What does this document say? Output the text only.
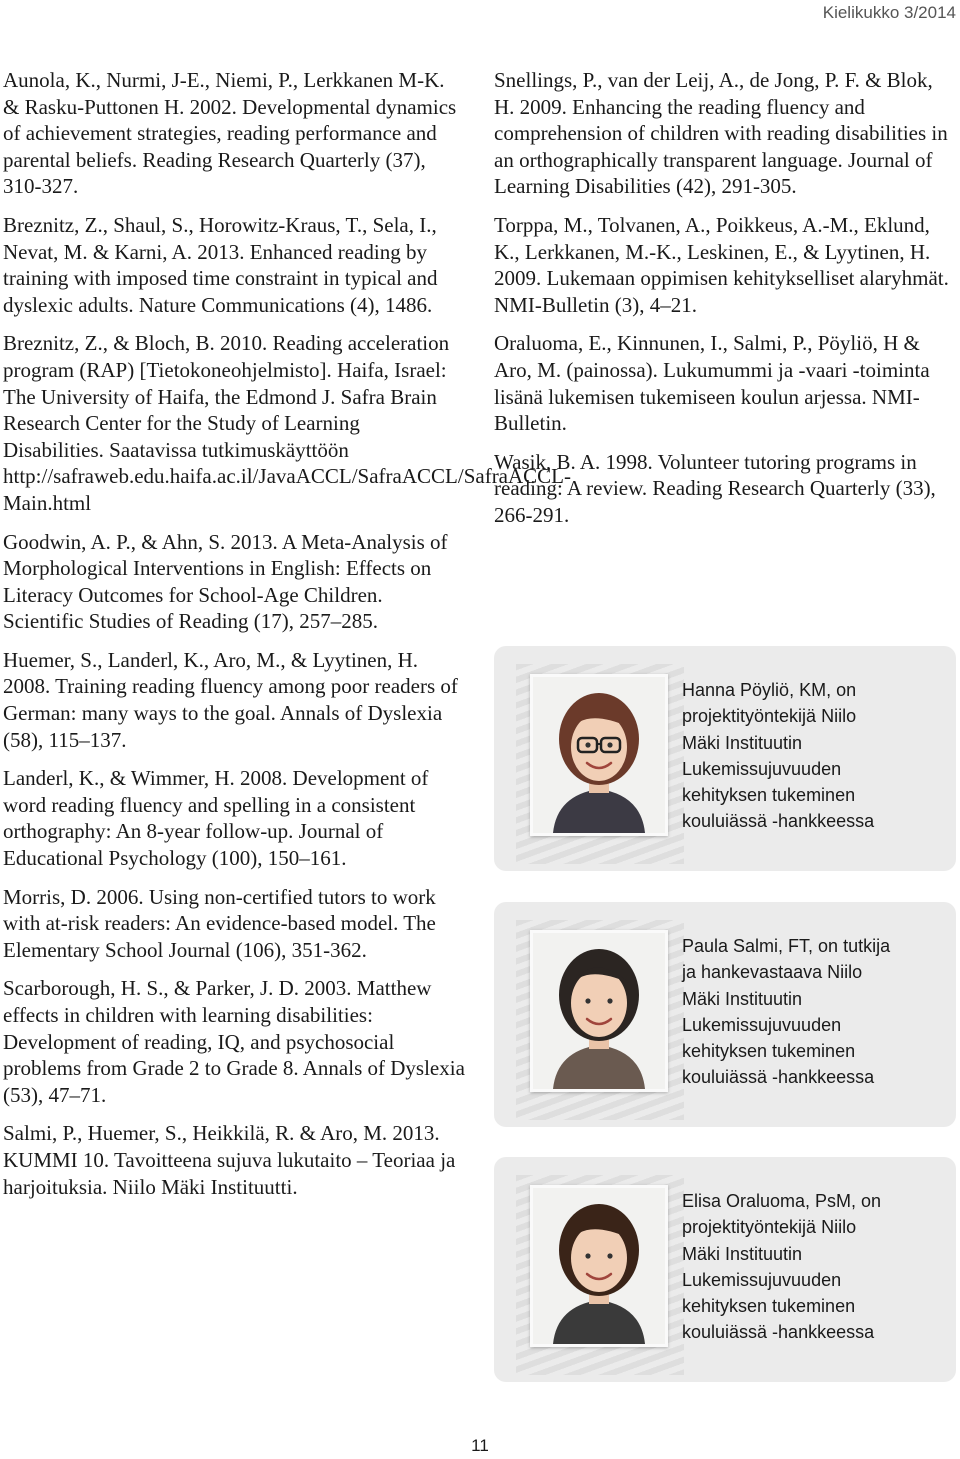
Kielikukko 3/2014

Aunola, K., Nurmi, J-E., Niemi, P., Lerkkanen M-K. & Rasku-Puttonen H. 2002. Developmental dynamics of achievement strategies, reading performance and parental beliefs. Reading Research Quarterly (37), 310-327.

Breznitz, Z., Shaul, S., Horowitz-Kraus, T., Sela, I., Nevat, M. & Karni, A. 2013. Enhanced reading by training with imposed time constraint in typical and dyslexic adults. Nature Communications (4), 1486.

Breznitz, Z., & Bloch, B. 2010. Reading acceleration program (RAP) [Tietokoneohjelmisto]. Haifa, Israel: The University of Haifa, the Edmond J. Safra Brain Research Center for the Study of Learning Disabilities. Saatavissa tutkimuskäyttöön http://safraweb.edu.haifa.ac.il/JavaACCL/SafraACCL/SafraACCL-Main.html

Goodwin, A. P., & Ahn, S. 2013. A Meta-Analysis of Morphological Interventions in English: Effects on Literacy Outcomes for School-Age Children. Scientific Studies of Reading (17), 257–285.

Huemer, S., Landerl, K., Aro, M., & Lyytinen, H. 2008. Training reading fluency among poor readers of German: many ways to the goal. Annals of Dyslexia (58), 115–137.

Landerl, K., & Wimmer, H. 2008. Development of word reading fluency and spelling in a consistent orthography: An 8-year follow-up. Journal of Educational Psychology (100), 150–161.

Morris, D. 2006. Using non-certified tutors to work with at-risk readers: An evidence-based model. The Elementary School Journal (106), 351-362.

Scarborough, H. S., & Parker, J. D. 2003. Matthew effects in children with learning disabilities: Development of reading, IQ, and psychosocial problems from Grade 2 to Grade 8. Annals of Dyslexia (53), 47–71.

Salmi, P., Huemer, S., Heikkilä, R. & Aro, M. 2013. KUMMI 10. Tavoitteena sujuva lukutaito – Teoriaa ja harjoituksia. Niilo Mäki Instituutti.

Snellings, P., van der Leij, A., de Jong, P. F. & Blok, H. 2009. Enhancing the reading fluency and comprehension of children with reading disabilities in an orthographically transparent language. Journal of Learning Disabilities (42), 291-305.

Torppa, M., Tolvanen, A., Poikkeus, A.-M., Eklund, K., Lerkkanen, M.-K., Leskinen, E., & Lyytinen, H. 2009. Lukemaan oppimisen kehitykselliset alaryhmät. NMI-Bulletin (3), 4–21.

Oraluoma, E., Kinnunen, I., Salmi, P., Pöyliö, H & Aro, M. (painossa). Lukumummi ja -vaari -toiminta lisänä lukemisen tukemiseen koulun arjessa. NMI-Bulletin.

Wasik, B. A. 1998. Volunteer tutoring programs in reading: A review. Reading Research Quarterly (33), 266-291.

Hanna Pöyliö, KM, on
projektityöntekijä Niilo
Mäki Instituutin
Lukemissujuvuuden
kehityksen tukeminen
kouluiässä -hankkeessa
Paula Salmi, FT, on tutkija
ja hankevastaava Niilo
Mäki Instituutin
Lukemissujuvuuden
kehityksen tukeminen
kouluiässä -hankkeessa
Elisa Oraluoma, PsM, on
projektityöntekijä Niilo
Mäki Instituutin
Lukemissujuvuuden
kehityksen tukeminen
kouluiässä -hankkeessa
11
